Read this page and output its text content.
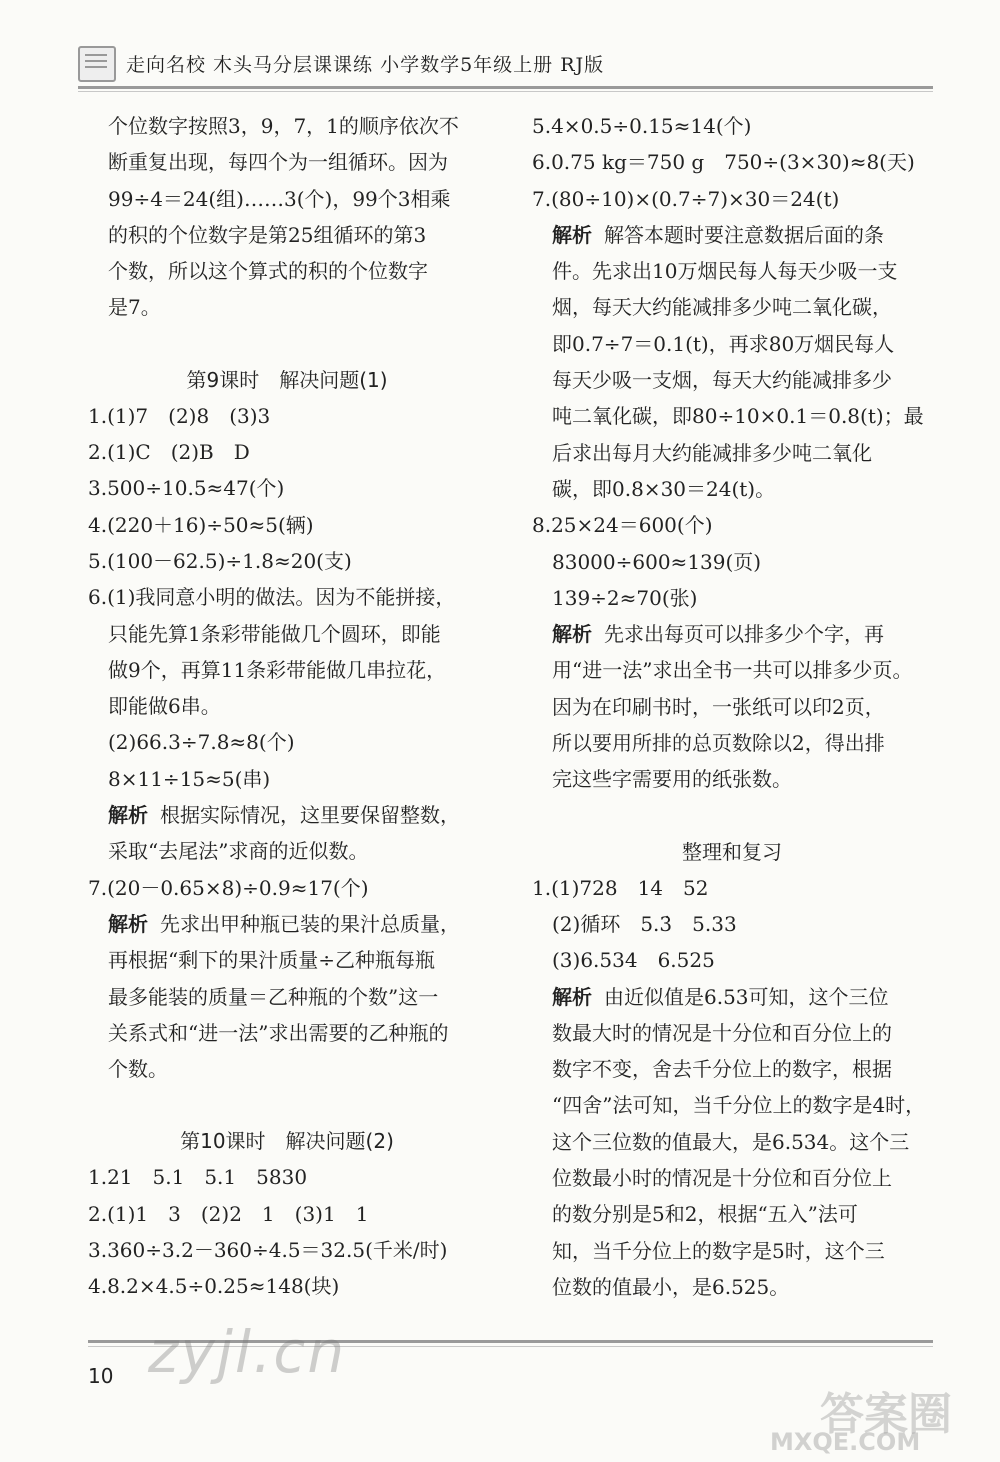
走向名校 木头马分层课课练 小学数学5年级上册 RJ版

个位数字按照3，9，7，1的顺序依次不

断重复出现，每四个为一组循环。因为

99÷4＝24(组)……3(个)，99个3相乘

的积的个位数字是第25组循环的第3

个数，所以这个算式的积的个位数字

是7。

第9课时　解决问题(1)

1.(1)7　(2)8　(3)3

2.(1)C　(2)B　D

3.500÷10.5≈47(个)

4.(220＋16)÷50≈5(辆)

5.(100－62.5)÷1.8≈20(支)

6.(1)我同意小明的做法。因为不能拼接，

只能先算1条彩带能做几个圆环，即能

做9个，再算11条彩带能做几串拉花，

即能做6串。

(2)66.3÷7.8≈8(个)

8×11÷15≈5(串)

解析 根据实际情况，这里要保留整数，

采取“去尾法”求商的近似数。

7.(20－0.65×8)÷0.9≈17(个)

解析 先求出甲种瓶已装的果汁总质量，

再根据“剩下的果汁质量÷乙种瓶每瓶

最多能装的质量＝乙种瓶的个数”这一

关系式和“进一法”求出需要的乙种瓶的

个数。

第10课时　解决问题(2)

1.21　5.1　5.1　5830

2.(1)1　3　(2)2　1　(3)1　1

3.360÷3.2－360÷4.5＝32.5(千米/时)

4.8.2×4.5÷0.25≈148(块)

5.4×0.5÷0.15≈14(个)

6.0.75 kg＝750 g　750÷(3×30)≈8(天)

7.(80÷10)×(0.7÷7)×30＝24(t)

解析 解答本题时要注意数据后面的条

件。先求出10万烟民每人每天少吸一支

烟，每天大约能减排多少吨二氧化碳，

即0.7÷7＝0.1(t)，再求80万烟民每人

每天少吸一支烟，每天大约能减排多少

吨二氧化碳，即80÷10×0.1＝0.8(t)；最

后求出每月大约能减排多少吨二氧化

碳，即0.8×30＝24(t)。

8.25×24＝600(个)

83000÷600≈139(页)

139÷2≈70(张)

解析 先求出每页可以排多少个字，再

用“进一法”求出全书一共可以排多少页。

因为在印刷书时，一张纸可以印2页，

所以要用所排的总页数除以2，得出排

完这些字需要用的纸张数。

整理和复习

1.(1)728　14　52

(2)循环　5.3̇　5.33

(3)6.534　6.525

解析 由近似值是6.53可知，这个三位

数最大时的情况是十分位和百分位上的

数字不变，舍去千分位上的数字，根据

“四舍”法可知，当千分位上的数字是4时，

这个三位数的值最大，是6.534。这个三

位数最小时的情况是十分位和百分位上

的数分别是5和2，根据“五入”法可

知，当千分位上的数字是5时，这个三

位数的值最小，是6.525。

10 zyjl.cn
答案圈
MXQE.COM
